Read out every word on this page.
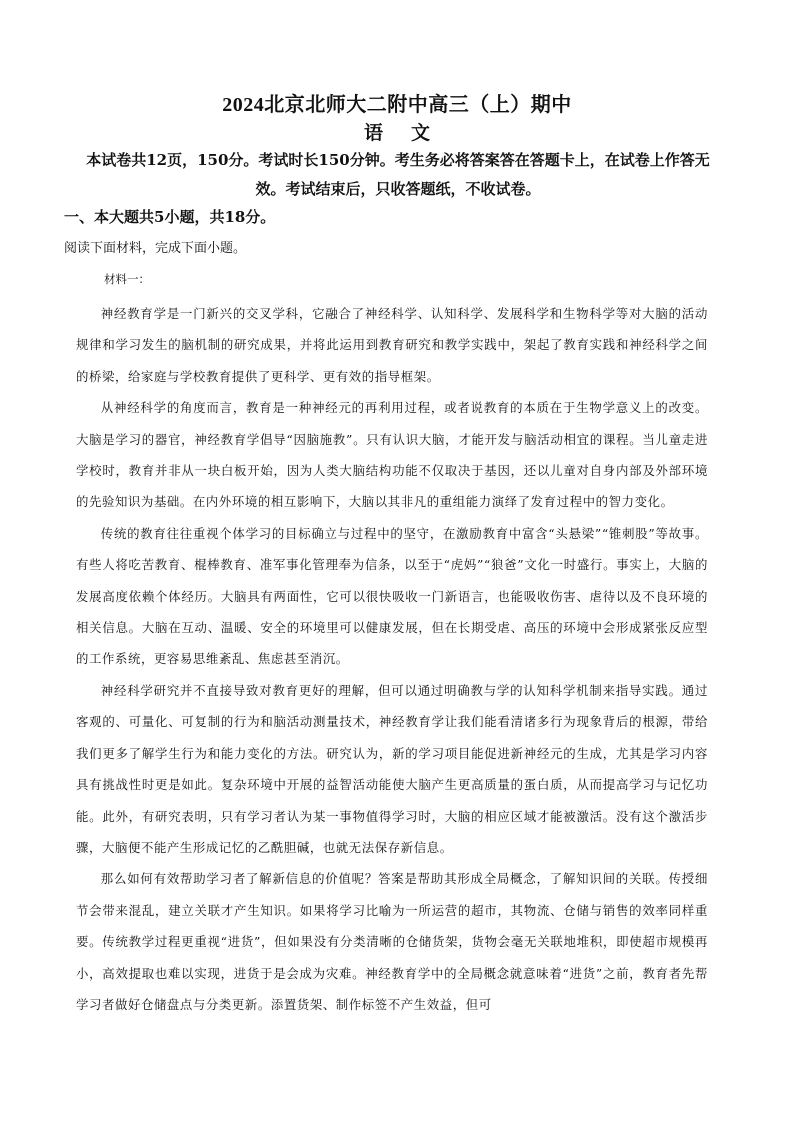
2024北京北师大二附中高三（上）期中
语文
本试卷共12页，150分。考试时长150分钟。考生务必将答案答在答题卡上，在试卷上作答无效。考试结束后，只收答题纸，不收试卷。
一、本大题共5小题，共18分。
阅读下面材料，完成下面小题。
材料一：

神经教育学是一门新兴的交叉学科，它融合了神经科学、认知科学、发展科学和生物科学等对大脑的活动规律和学习发生的脑机制的研究成果，并将此运用到教育研究和教学实践中，架起了教育实践和神经科学之间的桥梁，给家庭与学校教育提供了更科学、更有效的指导框架。

从神经科学的角度而言，教育是一种神经元的再利用过程，或者说教育的本质在于生物学意义上的改变。大脑是学习的器官，神经教育学倡导“因脑施教”。只有认识大脑，才能开发与脑活动相宜的课程。当儿童走进学校时，教育并非从一块白板开始，因为人类大脑结构功能不仅取决于基因，还以儿童对自身内部及外部环境的先验知识为基础。在内外环境的相互影响下，大脑以其非凡的重组能力演绎了发育过程中的智力变化。

传统的教育往往重视个体学习的目标确立与过程中的坚守，在激励教育中富含“头悬梁”“锥刺股”等故事。有些人将吃苦教育、棍棒教育、准军事化管理奉为信条，以至于“虎妈”“狼爸”文化一时盛行。事实上，大脑的发展高度依赖个体经历。大脑具有两面性，它可以很快吸收一门新语言，也能吸收伤害、虐待以及不良环境的相关信息。大脑在互动、温暖、安全的环境里可以健康发展，但在长期受虐、高压的环境中会形成紧张反应型的工作系统，更容易思维紊乱、焦虑甚至消沉。

神经科学研究并不直接导致对教育更好的理解，但可以通过明确教与学的认知科学机制来指导实践。通过客观的、可量化、可复制的行为和脑活动测量技术，神经教育学让我们能看清诸多行为现象背后的根源，带给我们更多了解学生行为和能力变化的方法。研究认为，新的学习项目能促进新神经元的生成，尤其是学习内容具有挑战性时更是如此。复杂环境中开展的益智活动能使大脑产生更高质量的蛋白质，从而提高学习与记忆功能。此外，有研究表明，只有学习者认为某一事物值得学习时，大脑的相应区域才能被激活。没有这个激活步骤，大脑便不能产生形成记忆的乙酰胆碱，也就无法保存新信息。

那么如何有效帮助学习者了解新信息的价值呢？答案是帮助其形成全局概念，了解知识间的关联。传授细节会带来混乱，建立关联才产生知识。如果将学习比喻为一所运营的超市，其物流、仓储与销售的效率同样重要。传统教学过程更重视“进货”，但如果没有分类清晰的仓储货架，货物会毫无关联地堆积，即使超市规模再小，高效提取也难以实现，进货于是会成为灾难。神经教育学中的全局概念就意味着“进货”之前，教育者先帮学习者做好仓储盘点与分类更新。添置货架、制作标签不产生效益，但可
